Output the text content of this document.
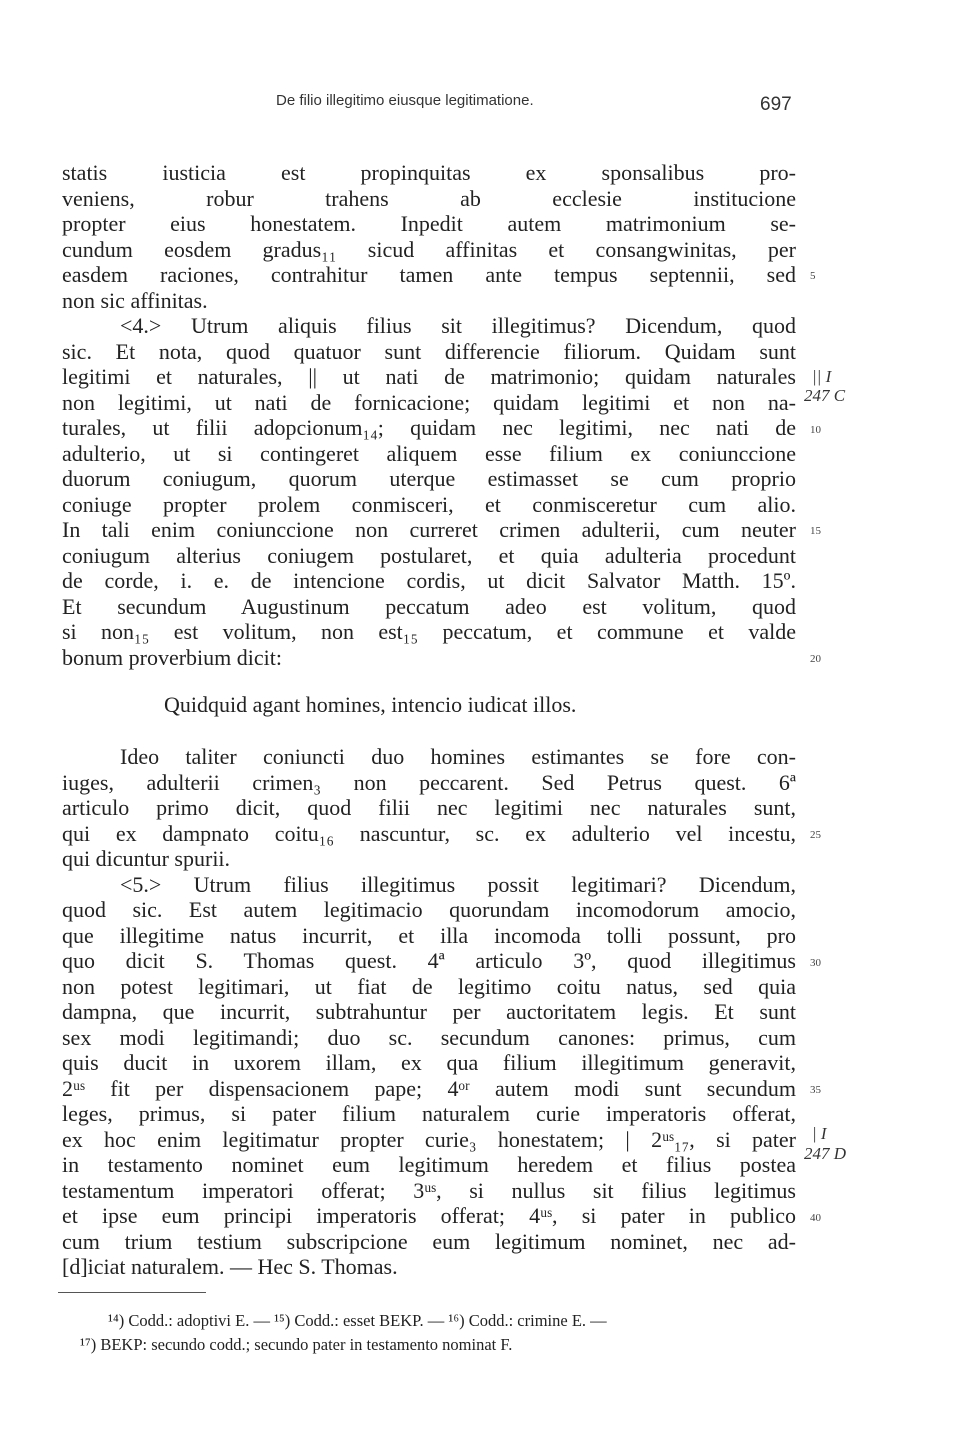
De filio illegitimo eiusque legitimatione.	697
statis iusticia est propinquitas ex sponsalibus pro-
veniens, robur trahens ab ecclesie institucione
propter eius honestatem. Inpedit autem matrimonium se-
cundum eosdem gradus₁₁ sicud affinitas et consangwinitas, per
easdem raciones, contrahitur tamen ante tempus septennii, sed
non sic affinitas.
<4.> Utrum aliquis filius sit illegitimus? Dicendum, quod
sic. Et nota, quod quatuor sunt differencie filiorum. Quidam sunt
legitimi et naturales, || ut nati de matrimonio; quidam naturales
non legitimi, ut nati de fornicacione; quidam legitimi et non na-
turales, ut filii adopcionum₁₄; quidam nec legitimi, nec nati de
adulterio, ut si contingeret aliquem esse filium ex coniunccione
duorum coniugum, quorum uterque estimasset se cum proprio
coniuge propter prolem conmisceri, et conmisceretur cum alio.
In tali enim coniunccione non curreret crimen adulterii, cum neuter
coniugum alterius coniugem postularet, et quia adulteria procedunt
de corde, i. e. de intencione cordis, ut dicit Salvator Matth. 15º.
Et secundum Augustinum peccatum adeo est volitum, quod
si non₁₅ est volitum, non est₁₅ peccatum, et commune et valde
bonum proverbium dicit:
Quidquid agant homines, intencio iudicat illos.
Ideo taliter coniuncti duo homines estimantes se fore con-
iuges, adulterii crimen₃ non peccarent. Sed Petrus quest. 6ª
articulo primo dicit, quod filii nec legitimi nec naturales sunt,
qui ex dampnato coitu₁₆ nascuntur, sc. ex adulterio vel incestu,
qui dicuntur spurii.
<5.> Utrum filius illegitimus possit legitimari? Dicendum,
quod sic. Est autem legitimacio quorundam incomodorum amocio,
que illegitime natus incurrit, et illa incomoda tolli possunt, pro
quo dicit S. Thomas quest. 4ª articulo 3º, quod illegitimus
non potest legitimari, ut fiat de legitimo coitu natus, sed quia
dampna, que incurrit, subtrahuntur per auctoritatem legis. Et sunt
sex modi legitimandi; duo sc. secundum canones: primus, cum
quis ducit in uxorem illam, ex qua filium illegitimum generavit,
2ᵘˢ fit per dispensacionem pape; 4ᵒʳ autem modi sunt secundum
leges, primus, si pater filium naturalem curie imperatoris offerat,
ex hoc enim legitimatur propter curie₃ honestatem; | 2ᵘˢ₁₇, si pater
in testamento nominet eum legitimum heredem et filius postea
testamentum imperatori offerat; 3ᵘˢ, si nullus sit filius legitimus
et ipse eum principi imperatoris offerat; 4ᵘˢ, si pater in publico
cum trium testium subscripcione eum legitimum nominet, nec ad-
[d]iciat naturalem. — Hec S. Thomas.
5
10
15
20
25
30
35
40
|| I
247 C
| I
247 D
¹⁴) Codd.: adoptivi E. — ¹⁵) Codd.: esset BEKP. — ¹⁶) Codd.: crimine E. —
¹⁷) BEKP: secundo codd.; secundo pater in testamento nominat F.
